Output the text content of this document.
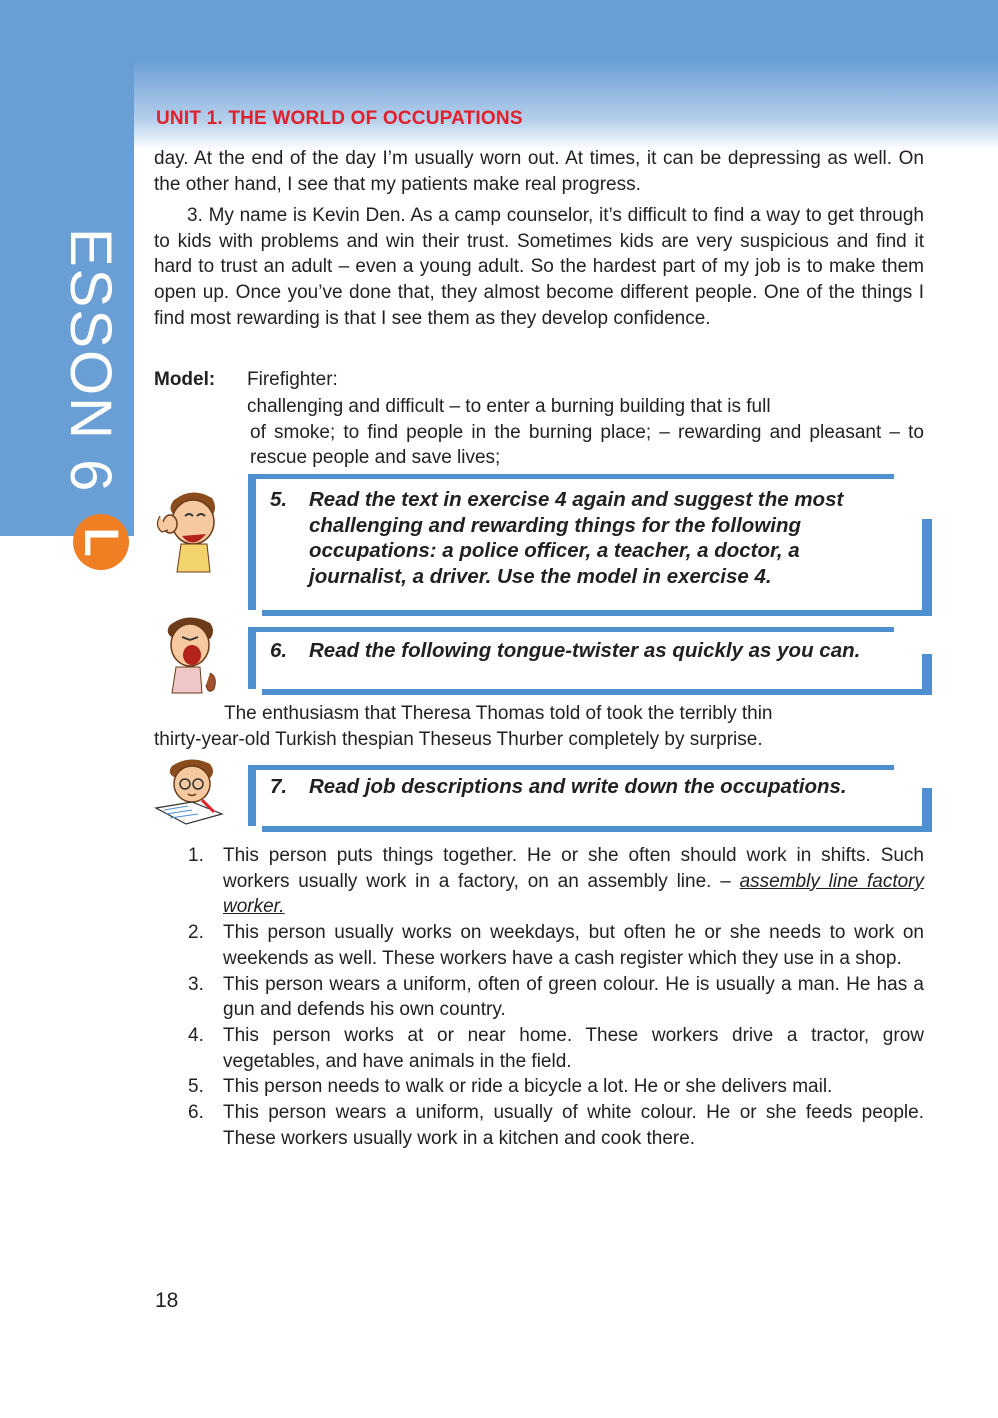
ESSON 6
L
UNIT 1. THE WORLD OF OCCUPATIONS
day. At the end of the day I’m usually worn out. At times, it can be depressing as well. On the other hand, I see that my patients make real progress.
3. My name is Kevin Den. As a camp counselor, it’s difficult to find a way to get through to kids with problems and win their trust. Sometimes kids are very suspicious and find it hard to trust an adult – even a young adult. So the hardest part of my job is to make them open up. Once you’ve done that, they almost become different people. One of the things I find most rewarding is that I see them as they develop confidence.
Model: Firefighter:
challenging and difficult – to enter a burning building that is full
of smoke; to find people in the burning place; – rewarding and pleasant – to rescue people and save lives;
5.	Read the text in exercise 4 again and suggest the most challenging and rewarding things for the following occupations: a police officer, a teacher, a doctor, a journalist, a driver. Use the model in exercise 4.
6.	Read the following tongue-twister as quickly as you can.
The enthusiasm that Theresa Thomas told of took the terribly thin
thirty-year-old Turkish thespian Theseus Thurber completely by surprise.
7.	Read job descriptions and write down the occupations.
1. This person puts things together. He or she often should work in shifts. Such workers usually work in a factory, on an assembly line. – assembly line factory worker.
2. This person usually works on weekdays, but often he or she needs to work on weekends as well. These workers have a cash register which they use in a shop.
3. This person wears a uniform, often of green colour. He is usually a man. He has a gun and defends his own country.
4. This person works at or near home. These workers drive a tractor, grow vegetables, and have animals in the field.
5. This person needs to walk or ride a bicycle a lot. He or she delivers mail.
6. This person wears a uniform, usually of white colour. He or she feeds people. These workers usually work in a kitchen and cook there.
18
